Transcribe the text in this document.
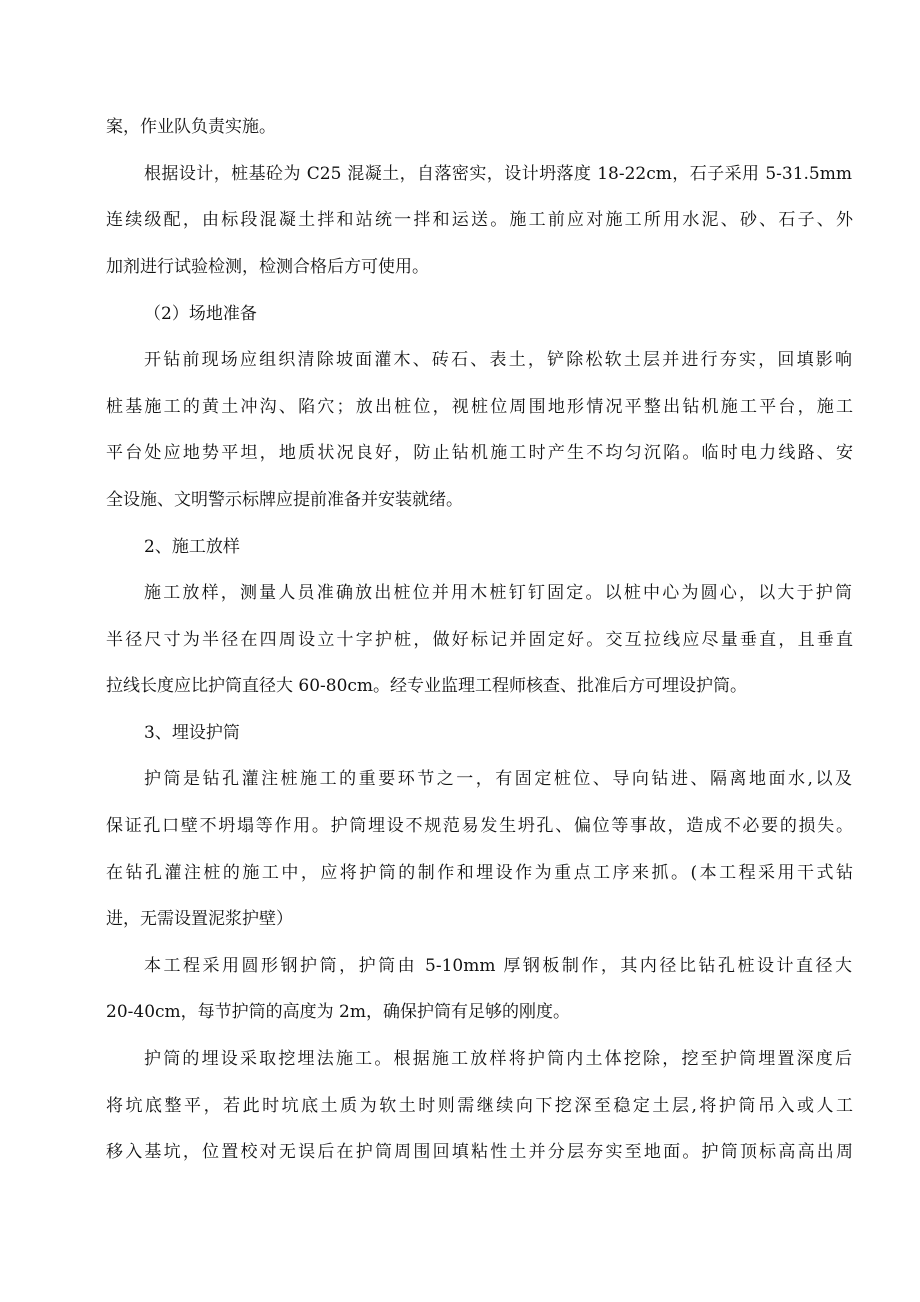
案，作业队负责实施。
根据设计，桩基砼为 C25 混凝土，自落密实，设计坍落度 18-22cm，石子采用 5-31.5mm
连续级配，由标段混凝土拌和站统一拌和运送。施工前应对施工所用水泥、砂、石子、外
加剂进行试验检测，检测合格后方可使用。
（2）场地准备
开钻前现场应组织清除坡面灌木、砖石、表土，铲除松软土层并进行夯实，回填影响
桩基施工的黄土冲沟、陷穴；放出桩位，视桩位周围地形情况平整出钻机施工平台，施工
平台处应地势平坦，地质状况良好，防止钻机施工时产生不均匀沉陷。临时电力线路、安
全设施、文明警示标牌应提前准备并安装就绪。
2、施工放样
施工放样，测量人员准确放出桩位并用木桩钉钉固定。以桩中心为圆心，以大于护筒
半径尺寸为半径在四周设立十字护桩，做好标记并固定好。交互拉线应尽量垂直，且垂直
拉线长度应比护筒直径大 60-80cm。经专业监理工程师核查、批准后方可埋设护筒。
3、埋设护筒
护筒是钻孔灌注桩施工的重要环节之一，有固定桩位、导向钻进、隔离地面水,以及
保证孔口壁不坍塌等作用。护筒埋设不规范易发生坍孔、偏位等事故，造成不必要的损失。
在钻孔灌注桩的施工中，应将护筒的制作和埋设作为重点工序来抓。(本工程采用干式钻
进，无需设置泥浆护壁）
本工程采用圆形钢护筒，护筒由 5-10mm 厚钢板制作，其内径比钻孔桩设计直径大
20-40cm，每节护筒的高度为 2m，确保护筒有足够的刚度。
护筒的埋设采取挖埋法施工。根据施工放样将护筒内土体挖除，挖至护筒埋置深度后
将坑底整平，若此时坑底土质为软土时则需继续向下挖深至稳定土层,将护筒吊入或人工
移入基坑，位置校对无误后在护筒周围回填粘性土并分层夯实至地面。护筒顶标高高出周
